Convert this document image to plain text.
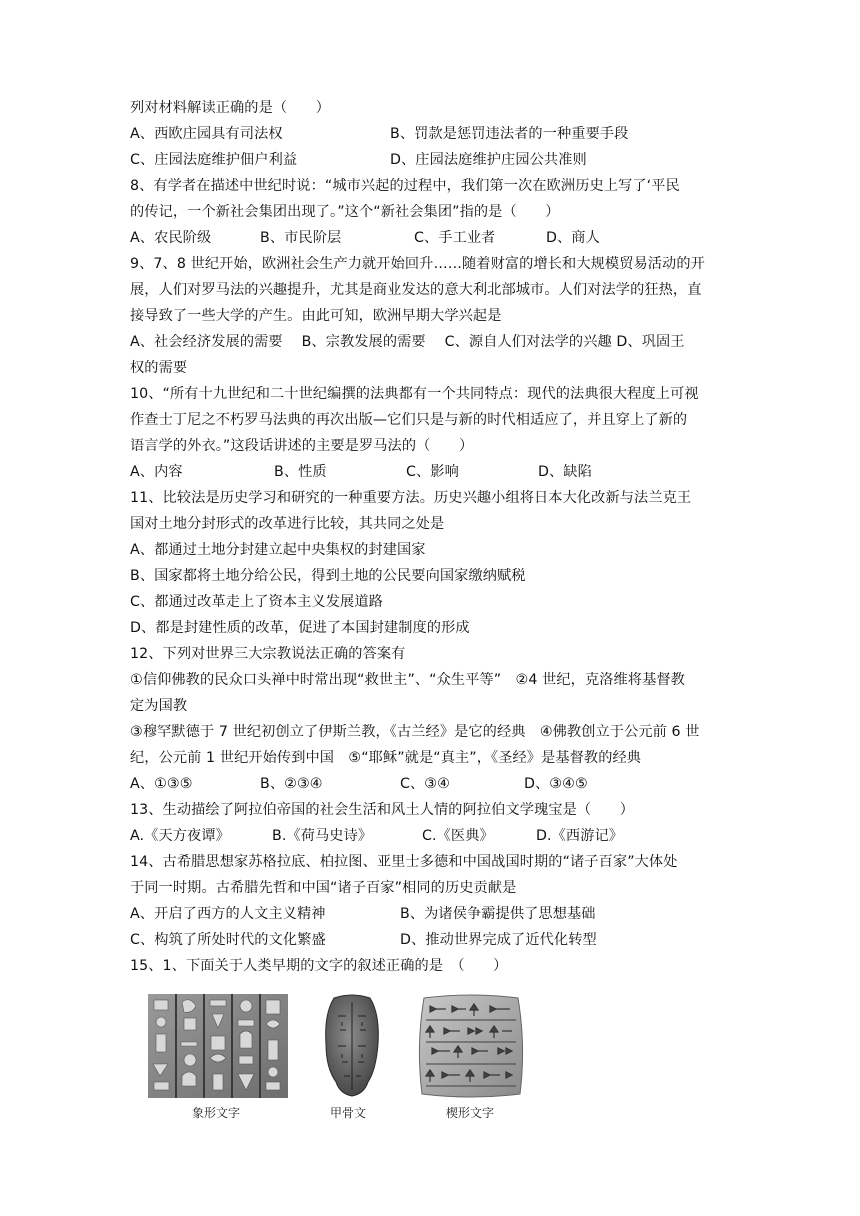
列对材料解读正确的是（　　）
A、西欧庄园具有司法权	B、罚款是惩罚违法者的一种重要手段
C、庄园法庭维护佃户利益	D、庄园法庭维护庄园公共准则
8、有学者在描述中世纪时说：“城市兴起的过程中，我们第一次在欧洲历史上写了‘平民
的传记，一个新社会集团出现了。”这个“新社会集团”指的是（　　）
A、农民阶级	B、市民阶层	C、手工业者	D、商人
9、7、8 世纪开始，欧洲社会生产力就开始回升……随着财富的增长和大规模贸易活动的开
展，人们对罗马法的兴趣提升，尤其是商业发达的意大利北部城市。人们对法学的狂热，直
接导致了一些大学的产生。由此可知，欧洲早期大学兴起是
A、社会经济发展的需要　 B、宗教发展的需要　 C、源自人们对法学的兴趣 D、巩固王
权的需要
10、“所有十九世纪和二十世纪编撰的法典都有一个共同特点：现代的法典很大程度上可视
作查士丁尼之不朽罗马法典的再次出版—它们只是与新的时代相适应了，并且穿上了新的
语言学的外衣。”这段话讲述的主要是罗马法的（　　）
A、内容	B、性质	C、影响	D、缺陷
11、比较法是历史学习和研究的一种重要方法。历史兴趣小组将日本大化改新与法兰克王
国对土地分封形式的改革进行比较，其共同之处是
A、都通过土地分封建立起中央集权的封建国家
B、国家都将土地分给公民，得到土地的公民要向国家缴纳赋税
C、都通过改革走上了资本主义发展道路
D、都是封建性质的改革，促进了本国封建制度的形成
12、下列对世界三大宗教说法正确的答案有
①信仰佛教的民众口头禅中时常出现“救世主”、“众生平等”　②4 世纪，克洛维将基督教
定为国教
③穆罕默德于 7 世纪初创立了伊斯兰教，《古兰经》是它的经典　④佛教创立于公元前 6 世
纪，公元前 1 世纪开始传到中国　⑤“耶稣”就是“真主”，《圣经》是基督教的经典
A、①③⑤	B、②③④	C、③④	D、③④⑤
13、生动描绘了阿拉伯帝国的社会生活和风土人情的阿拉伯文学瑰宝是（　　）
A.《天方夜谭》	B.《荷马史诗》	C.《医典》	D.《西游记》
14、古希腊思想家苏格拉底、柏拉图、亚里士多德和中国战国时期的“诸子百家”大体处
于同一时期。古希腊先哲和中国“诸子百家”相同的历史贡献是
A、开启了西方的人文主义精神	B、为诸侯争霸提供了思想基础
C、构筑了所处时代的文化繁盛	D、推动世界完成了近代化转型
15、1、下面关于人类早期的文字的叙述正确的是　（　　）
象形文字	甲骨文	楔形文字
